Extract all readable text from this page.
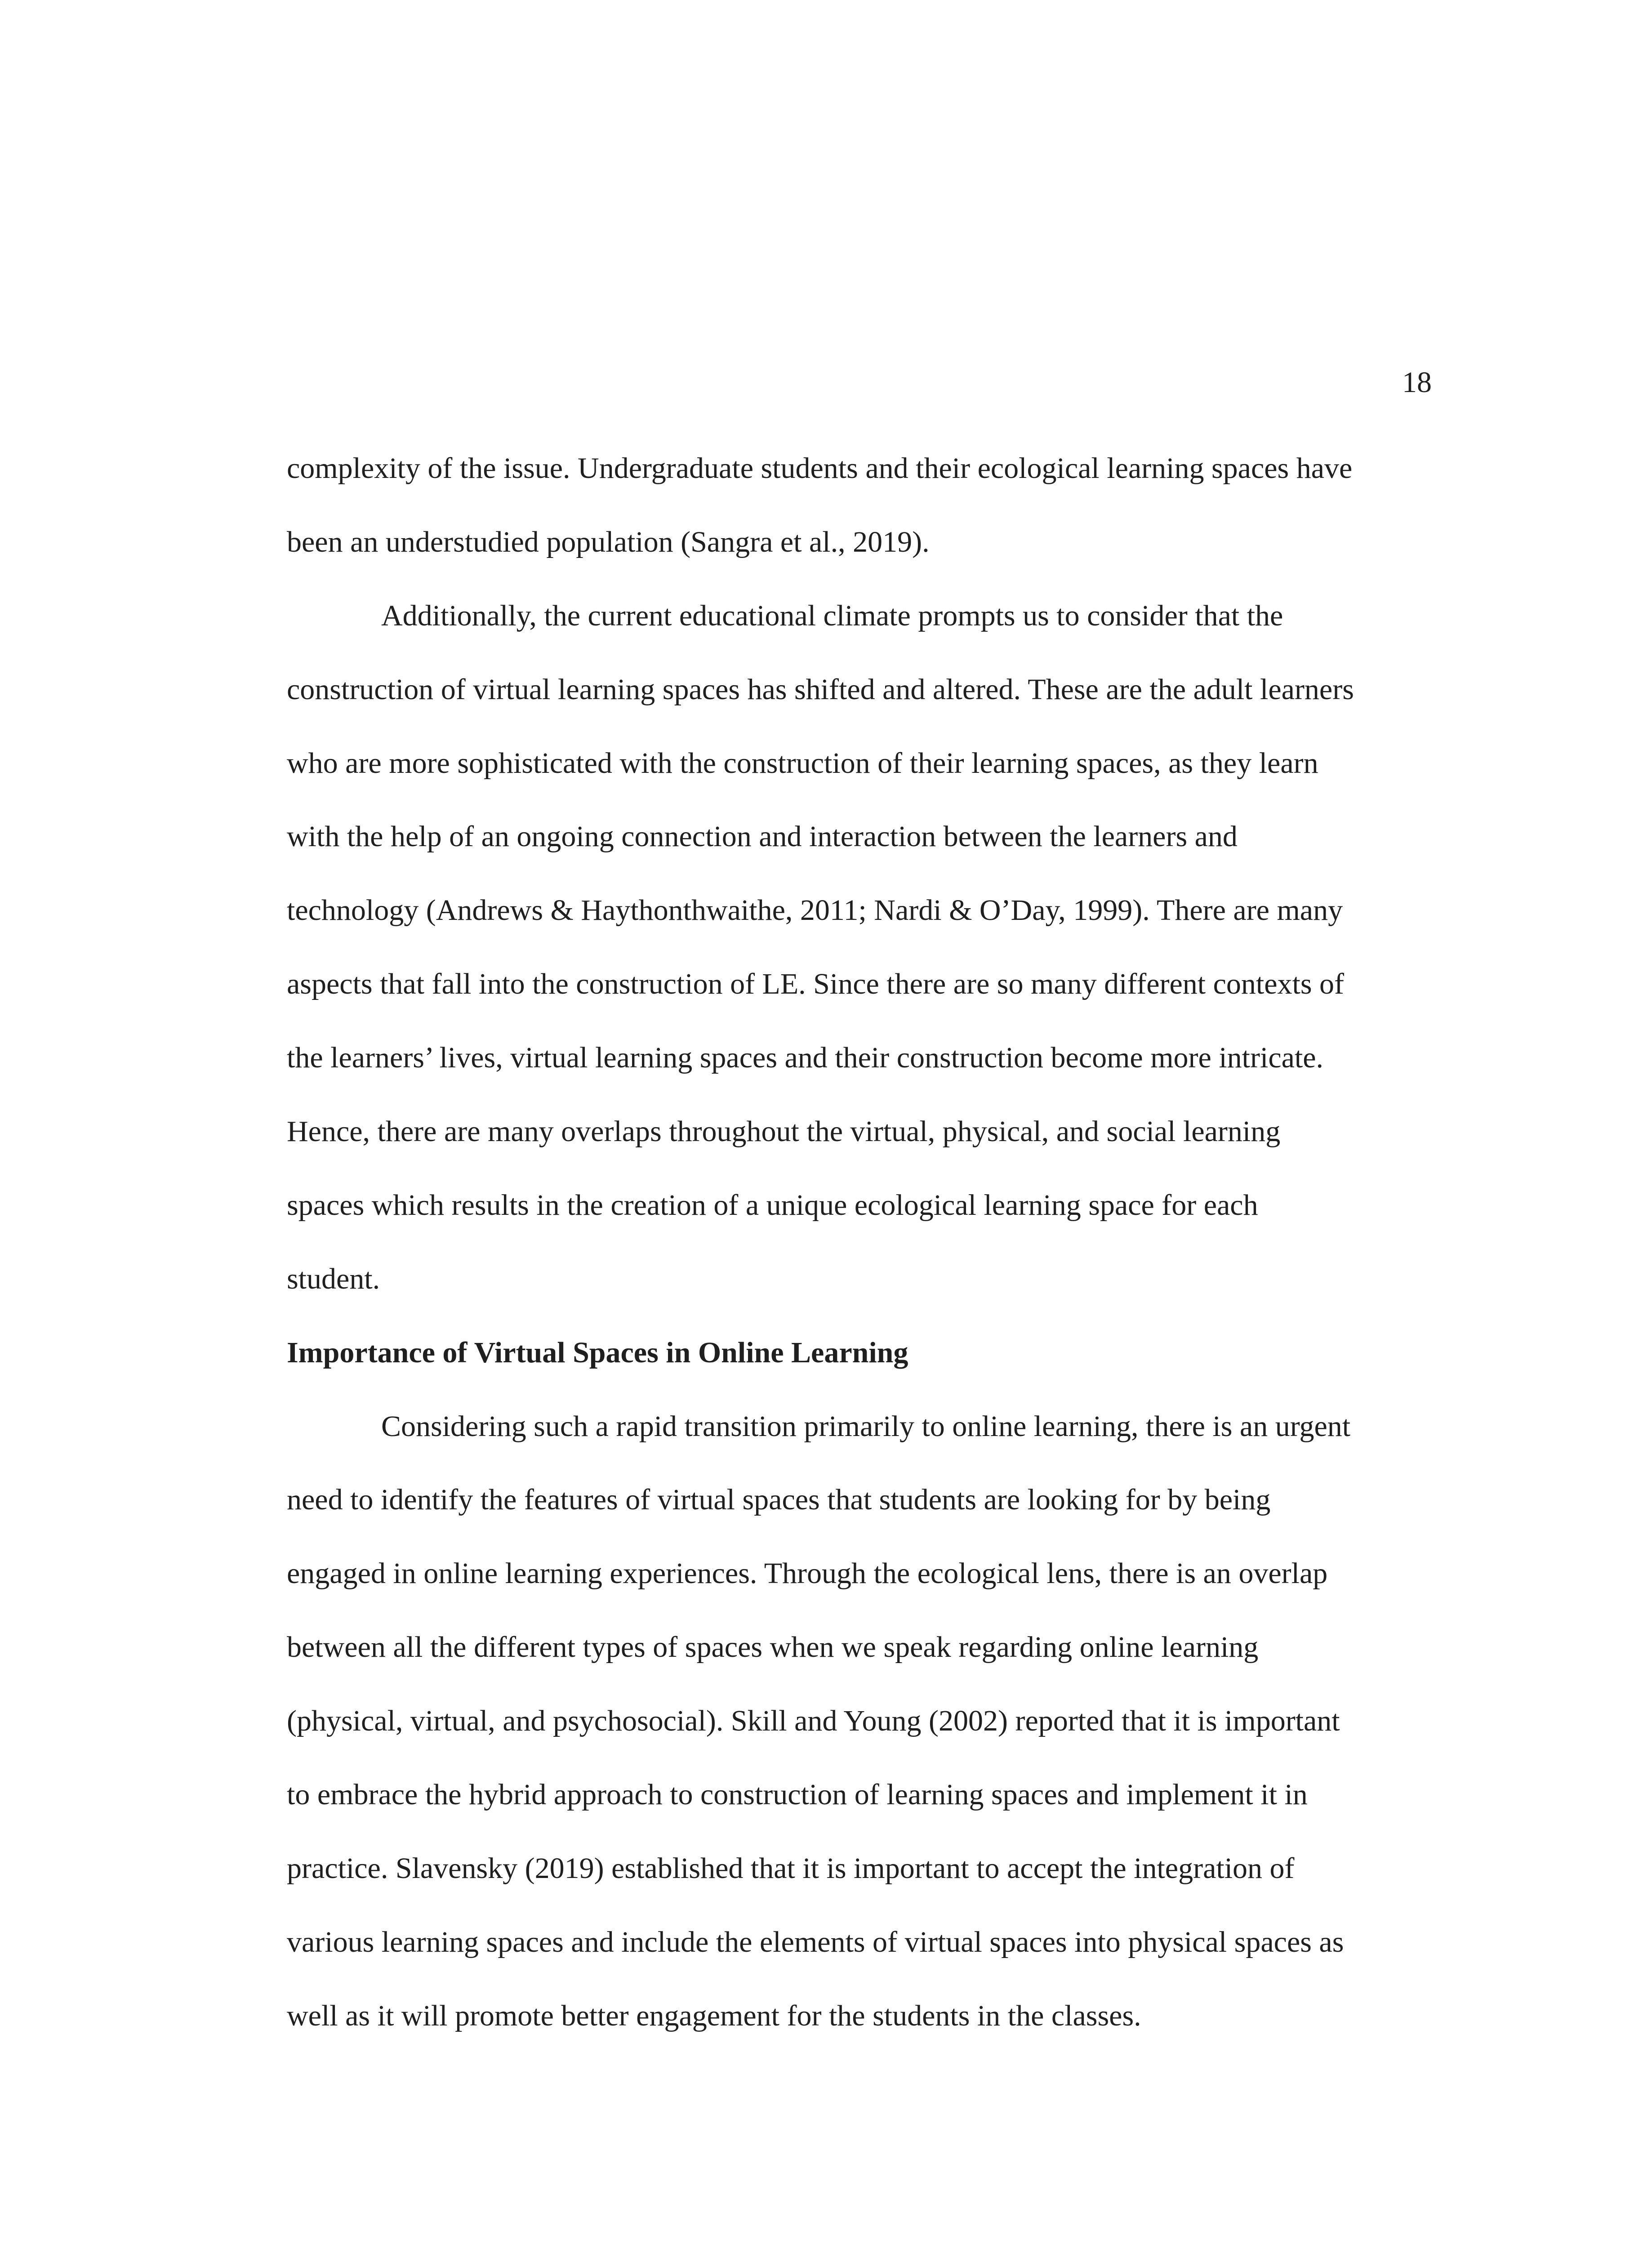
18
complexity of the issue. Undergraduate students and their ecological learning spaces have
been an understudied population (Sangra et al., 2019).
Additionally, the current educational climate prompts us to consider that the
construction of virtual learning spaces has shifted and altered. These are the adult learners
who are more sophisticated with the construction of their learning spaces, as they learn
with the help of an ongoing connection and interaction between the learners and
technology (Andrews & Haythonthwaithe, 2011; Nardi & O’Day, 1999). There are many
aspects that fall into the construction of LE. Since there are so many different contexts of
the learners’ lives, virtual learning spaces and their construction become more intricate.
Hence, there are many overlaps throughout the virtual, physical, and social learning
spaces which results in the creation of a unique ecological learning space for each
student.
Importance of Virtual Spaces in Online Learning
Considering such a rapid transition primarily to online learning, there is an urgent
need to identify the features of virtual spaces that students are looking for by being
engaged in online learning experiences. Through the ecological lens, there is an overlap
between all the different types of spaces when we speak regarding online learning
(physical, virtual, and psychosocial). Skill and Young (2002) reported that it is important
to embrace the hybrid approach to construction of learning spaces and implement it in
practice. Slavensky (2019) established that it is important to accept the integration of
various learning spaces and include the elements of virtual spaces into physical spaces as
well as it will promote better engagement for the students in the classes.
